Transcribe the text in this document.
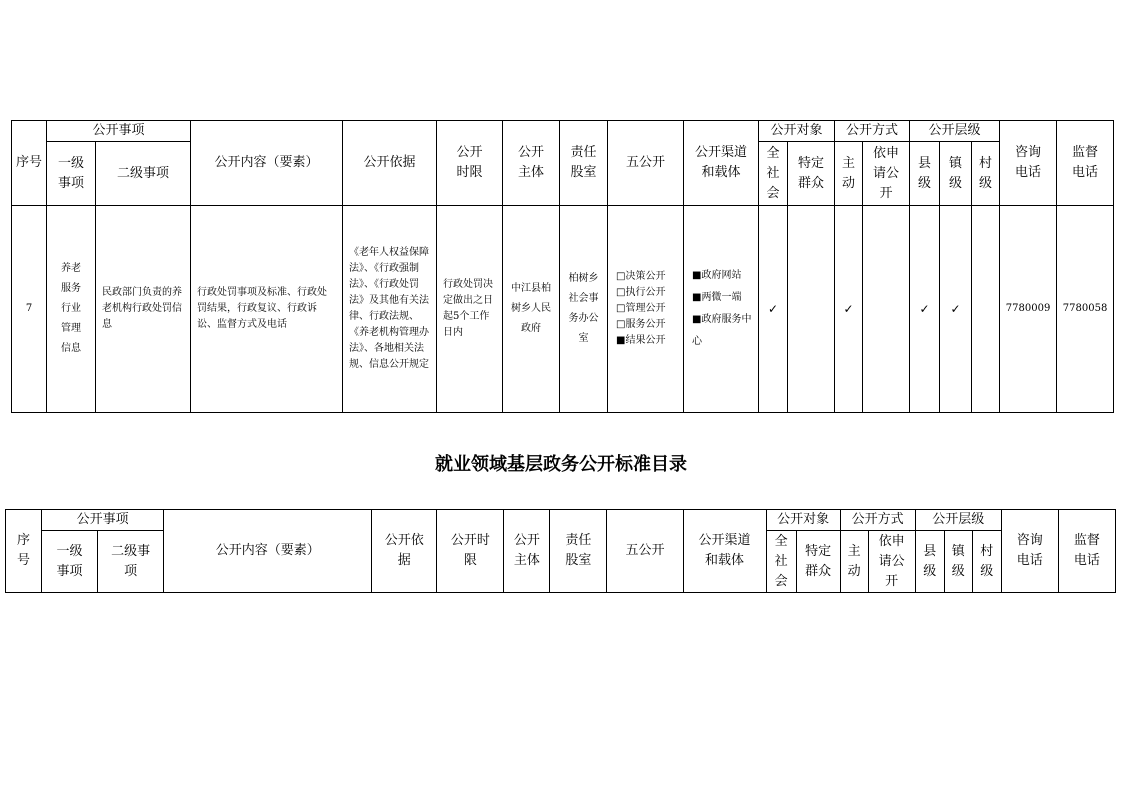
序号	公开事项		公开内容（要素）	公开依据	公开时限	公开主体	责任股室	五公开	公开渠道和载体	公开对象		公开方式		公开层级			咨询电话	监督电话

	一级事项	二级事项								全社会	特定群众	主动	依申请公开	县级	镇级	村级		

7	养老服务行业管理信息	民政部门负责的养老机构行政处罚信息	行政处罚事项及标准、行政处罚结果，行政复议、行政诉讼、监督方式及电话	《老年人权益保障法》、《行政强制法》、《行政处罚法》及其他有关法律、行政法规、《养老机构管理办法》、各地相关法规、信息公开规定	行政处罚决定做出之日起5个工作日内	中江县柏树乡人民政府	柏树乡社会事务办公室	□决策公开
□执行公开
□管理公开
□服务公开
■结果公开	■政府网站
■两微一端
■政府服务中心	✓		✓		✓	✓		7780009	7780058
就业领域基层政务公开标准目录
序号	公开事项		公开内容（要素）	公开依据	公开时限	公开主体	责任股室	五公开	公开渠道和载体	公开对象		公开方式		公开层级			咨询电话	监督电话

	一级事项	二级事
项								全社会	特定群众	主动	依申请公开	县级	镇级	村级		
